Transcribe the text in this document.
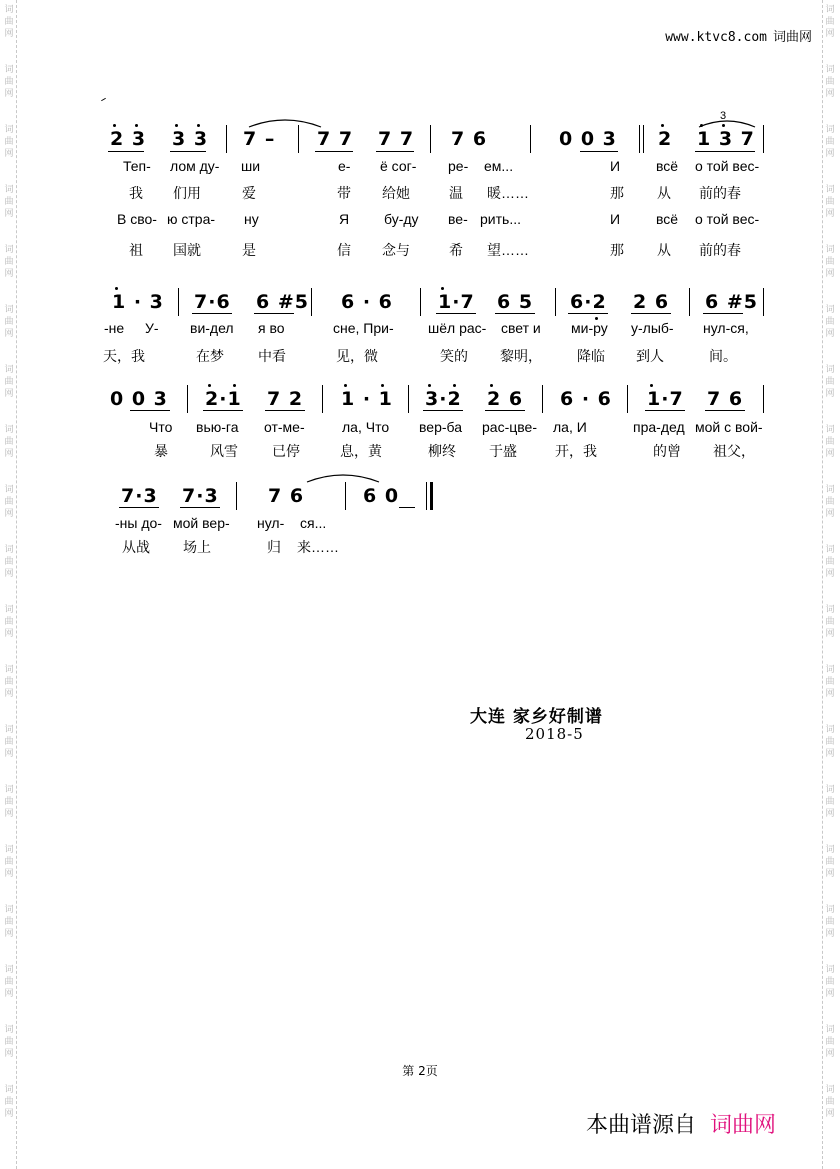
词
曲
网
词
曲
网
词
曲
网
词
曲
网
词
曲
网
词
曲
网
词
曲
网
词
曲
网
词
曲
网
词
曲
网
词
曲
网
词
曲
网
词
曲
网
词
曲
网
词
曲
网
词
曲
网
词
曲
网
词
曲
网
词
曲
网
词
曲
网
词
曲
网
词
曲
网
词
曲
网
词
曲
网
词
曲
网
词
曲
网
词
曲
网
词
曲
网
词
曲
网
词
曲
网
词
曲
网
词
曲
网
词
曲
网
词
曲
网
词
曲
网
词
曲
网
词
曲
网
词
曲
网
www.ktvc8.com 词曲网
2 3 3 3 7 – 7 7 7 7 7 6	0 0 3 2 1 3 7
3
Теп- лом ду- ши	е- ё сог- ре- ем...	И	всё о той вес-
我 们用	爱	带 给她	温 暖……	那 从 前的春
В сво- ю стра- ну	Я бу-ду ве- рить...	И	всё о той вес-
祖 国就	是	信 念与	希 望……	那 从 前的春
1 · 3 7·6 6 #5 6 · 6 1·7 6 5 6·2 2 6 6 #5
-не У- ви-дел я во	сне, При- шёл рас- свет и ми-ру у-лыб- нул-ся,
天，我	在梦 中看	见，微	笑的 黎明，	降临 到人	间。
0 0 3 2·1 7 2 1 · 1 3·2 2 6 6 · 6 1·7 7 6
Что вью-га от-ме-	ла, Что вер-ба рас-цве- ла, И	пра-дед мой с вой-
暴	风雪 已停	息，黄	柳终 于盛	开，我	的曾 祖父，
7·3 7·3	7 6	6 0
-ны до- мой вер- нул- ся...
从战 场上	归 来……
大连 家乡好制谱
2018-5
第 2页
本曲谱源自 词曲网
